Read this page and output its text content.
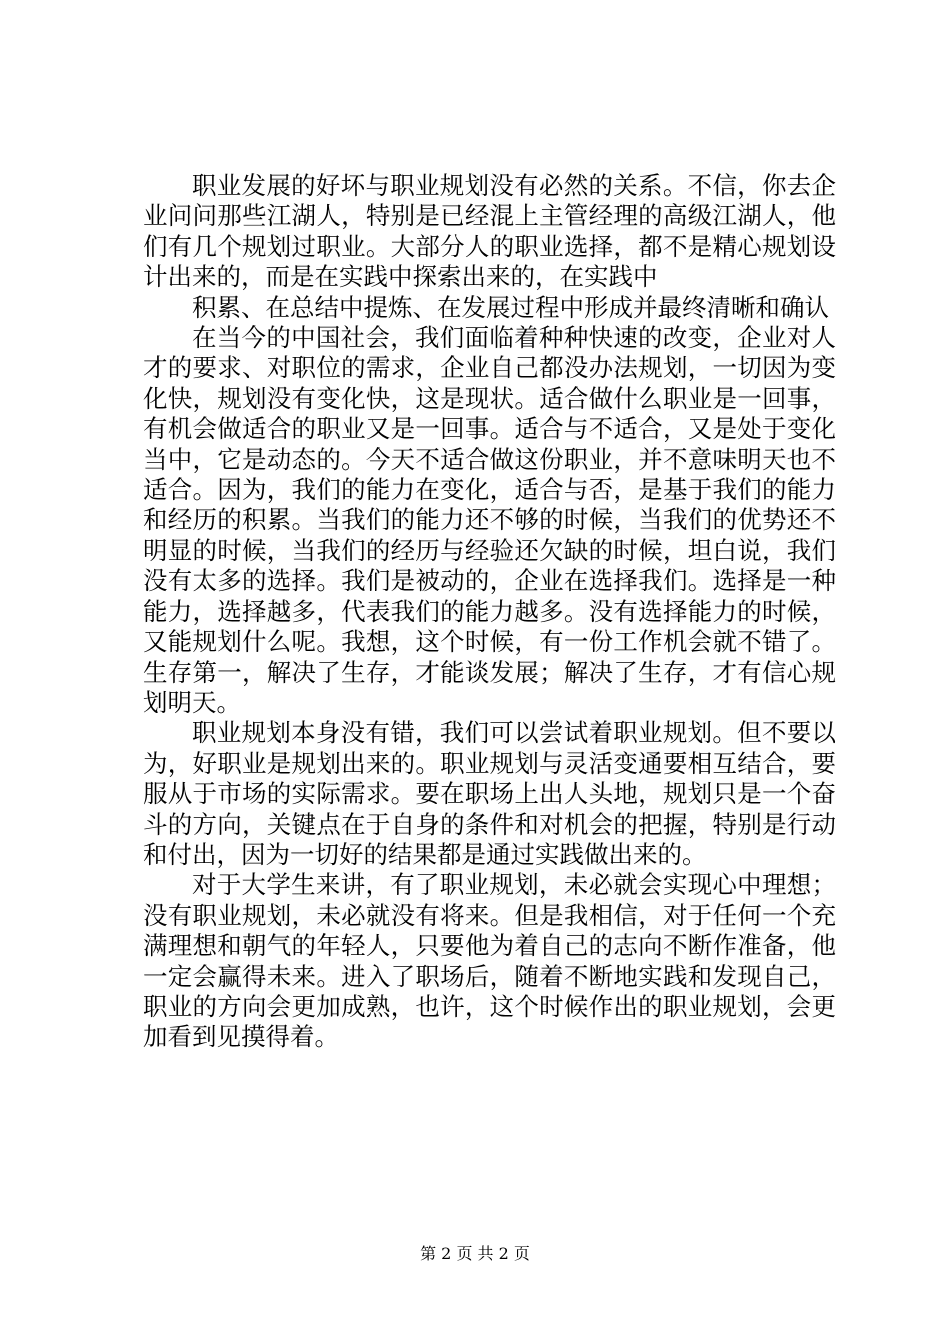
职业发展的好坏与职业规划没有必然的关系。不信，你去企业问问那些江湖人，特别是已经混上主管经理的高级江湖人，他们有几个规划过职业。大部分人的职业选择，都不是精心规划设计出来的，而是在实践中探索出来的，在实践中

积累、在总结中提炼、在发展过程中形成并最终清晰和确认

在当今的中国社会，我们面临着种种快速的改变，企业对人才的要求、对职位的需求，企业自己都没办法规划，一切因为变化快，规划没有变化快，这是现状。适合做什么职业是一回事，有机会做适合的职业又是一回事。适合与不适合，又是处于变化当中，它是动态的。今天不适合做这份职业，并不意味明天也不适合。因为，我们的能力在变化，适合与否，是基于我们的能力和经历的积累。当我们的能力还不够的时候，当我们的优势还不明显的时候，当我们的经历与经验还欠缺的时候，坦白说，我们没有太多的选择。我们是被动的，企业在选择我们。选择是一种能力，选择越多，代表我们的能力越多。没有选择能力的时候，又能规划什么呢。我想，这个时候，有一份工作机会就不错了。生存第一，解决了生存，才能谈发展；解决了生存，才有信心规划明天。

职业规划本身没有错，我们可以尝试着职业规划。但不要以为，好职业是规划出来的。职业规划与灵活变通要相互结合，要服从于市场的实际需求。要在职场上出人头地，规划只是一个奋斗的方向，关键点在于自身的条件和对机会的把握，特别是行动和付出，因为一切好的结果都是通过实践做出来的。

对于大学生来讲，有了职业规划，未必就会实现心中理想；没有职业规划，未必就没有将来。但是我相信，对于任何一个充满理想和朝气的年轻人，只要他为着自己的志向不断作准备，他一定会赢得未来。进入了职场后，随着不断地实践和发现自己，职业的方向会更加成熟，也许，这个时候作出的职业规划，会更加看到见摸得着。

第 2 页 共 2 页
